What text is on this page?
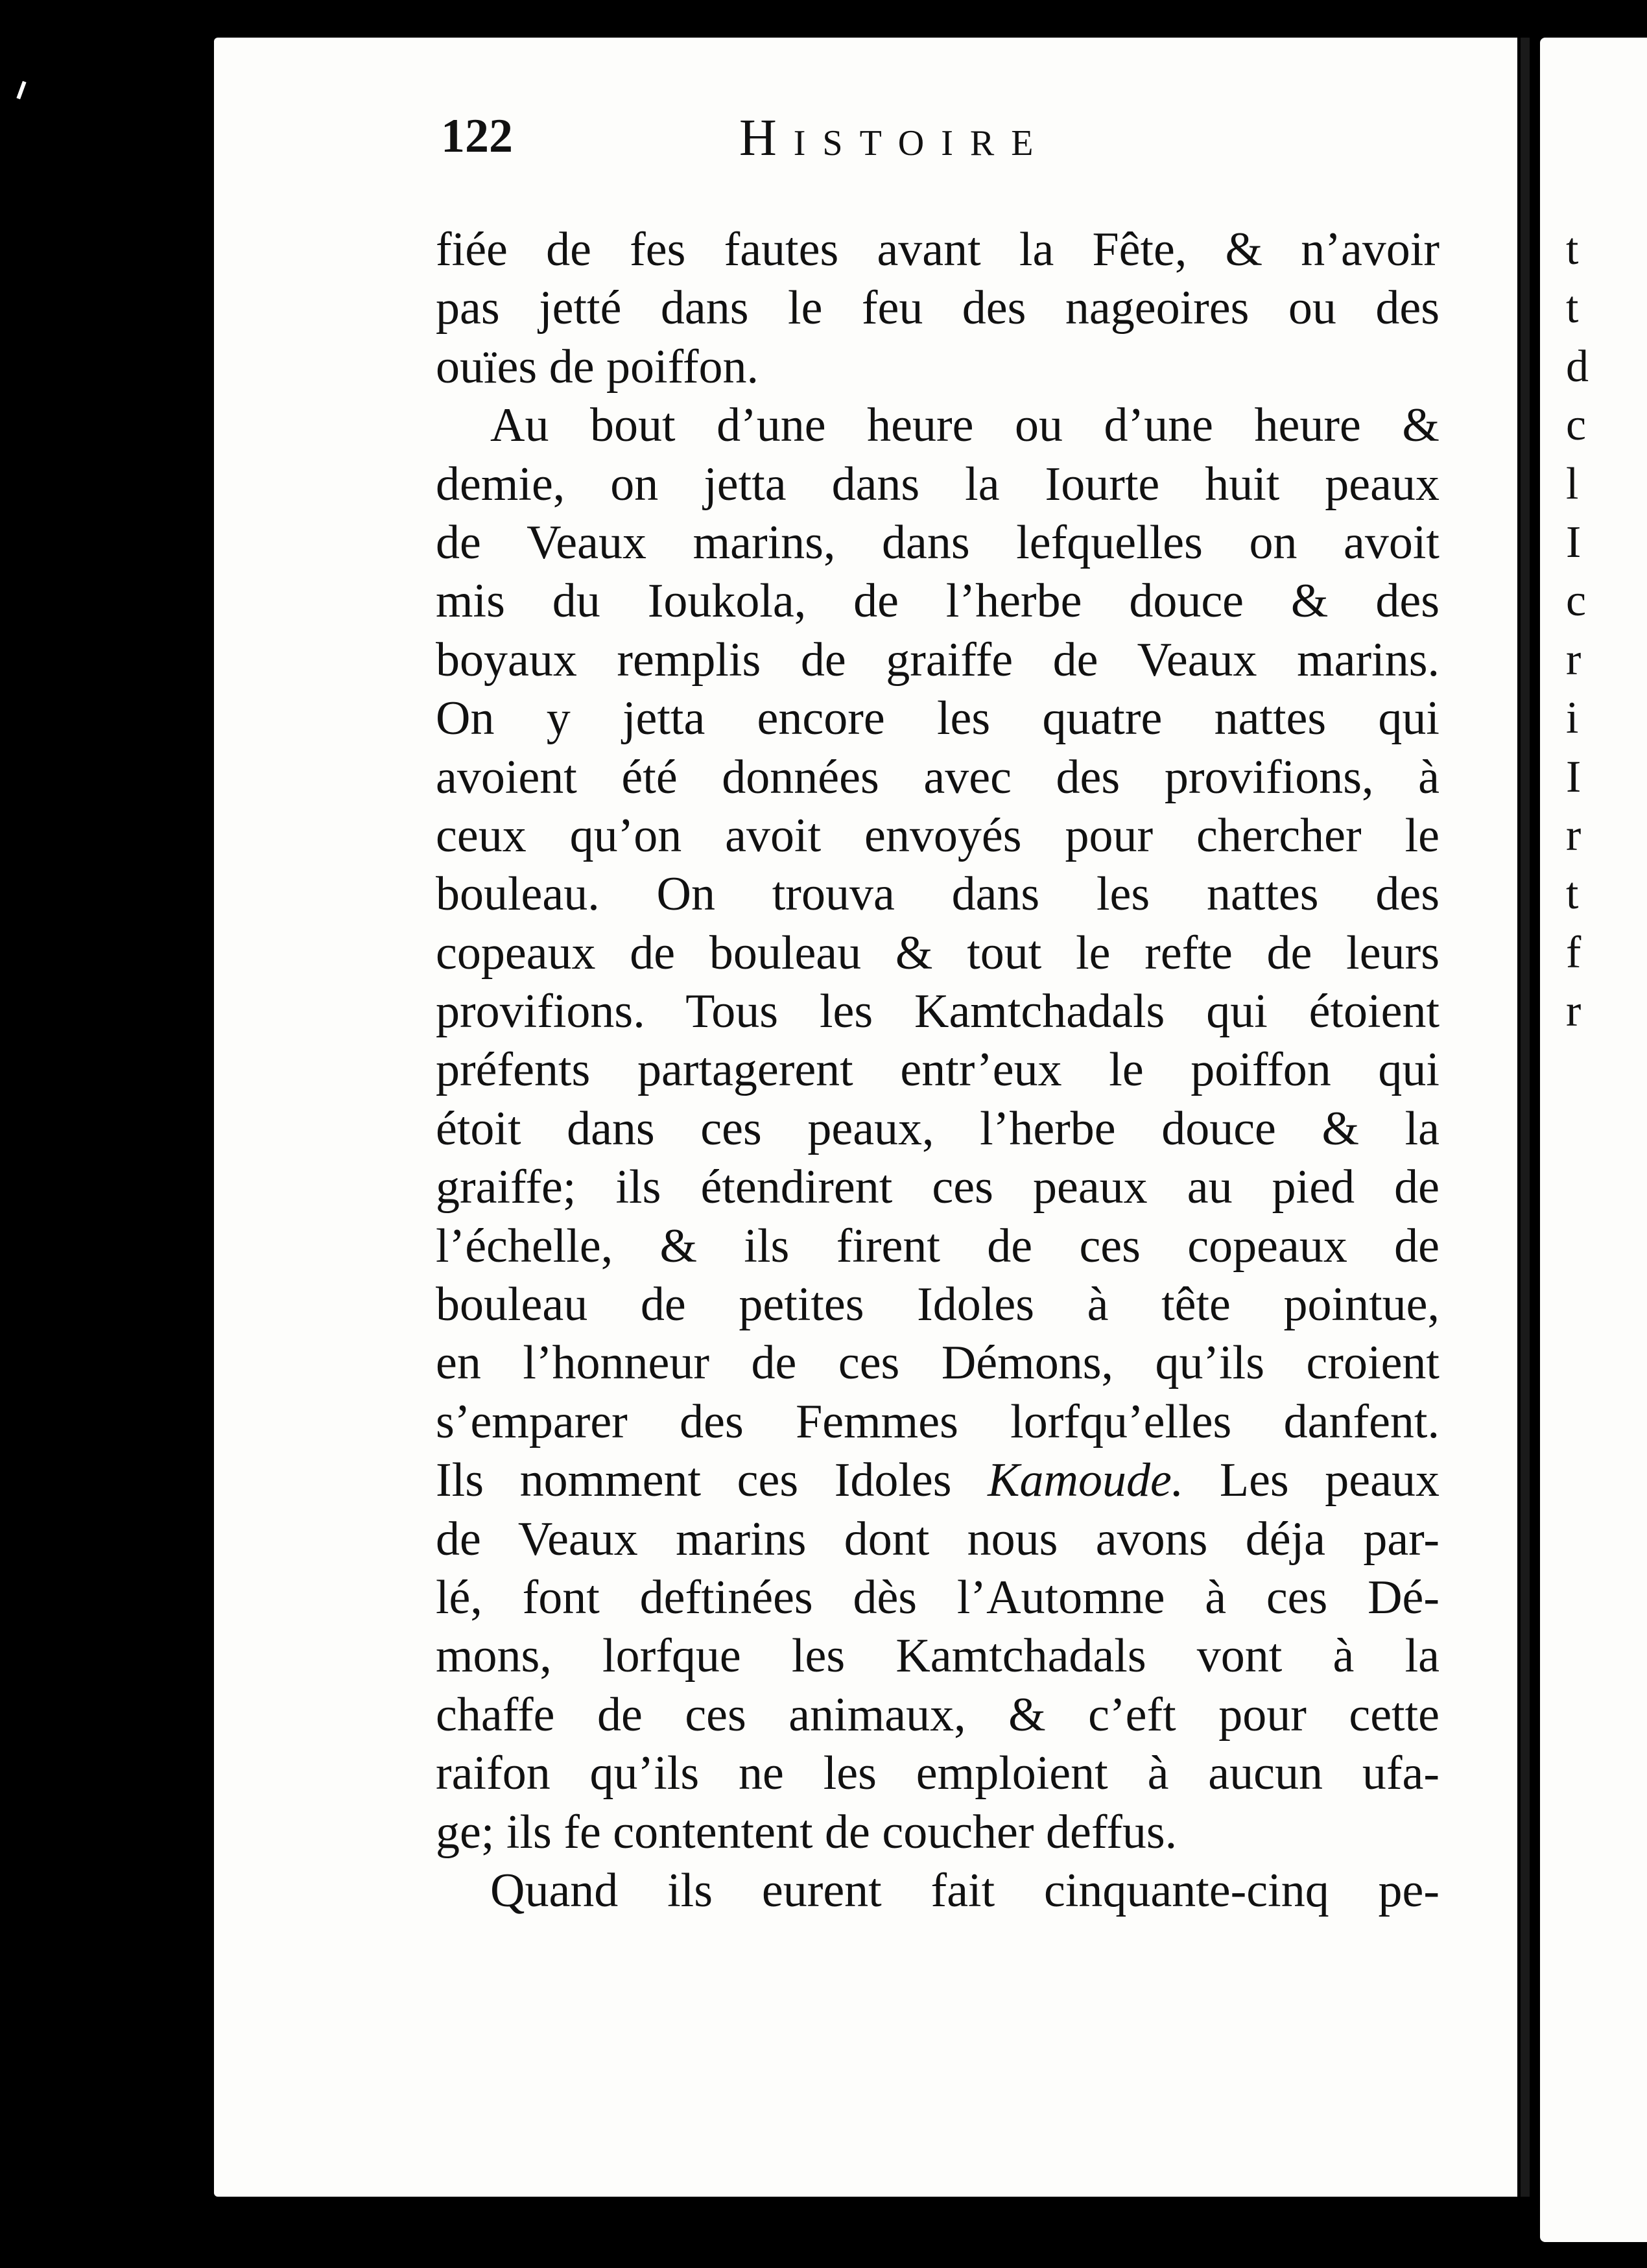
t
t
d
c
l
I
c
r
i
I
r
t
f
r
122	Histoire
fiée de fes fautes avant la Fête, & n’avoir
pas jetté dans le feu des nageoires ou des
ouïes de poiffon.
Au bout d’une heure ou d’une heure &
demie, on jetta dans la Iourte huit peaux
de Veaux marins, dans lefquelles on avoit
mis du Ioukola, de l’herbe douce & des
boyaux remplis de graiffe de Veaux marins.
On y jetta encore les quatre nattes qui
avoient été données avec des provifions, à
ceux qu’on avoit envoyés pour chercher le
bouleau. On trouva dans les nattes des
copeaux de bouleau & tout le refte de leurs
provifions. Tous les Kamtchadals qui étoient
préfents partagerent entr’eux le poiffon qui
étoit dans ces peaux, l’herbe douce & la
graiffe; ils étendirent ces peaux au pied de
l’échelle, & ils firent de ces copeaux de
bouleau de petites Idoles à tête pointue,
en l’honneur de ces Démons, qu’ils croient
s’emparer des Femmes lorfqu’elles danfent.
Ils nomment ces Idoles Kamoude. Les peaux
de Veaux marins dont nous avons déja par-
lé, font deftinées dès l’Automne à ces Dé-
mons, lorfque les Kamtchadals vont à la
chaffe de ces animaux, & c’eft pour cette
raifon qu’ils ne les emploient à aucun ufa-
ge; ils fe contentent de coucher deffus.
Quand ils eurent fait cinquante-cinq pe-
